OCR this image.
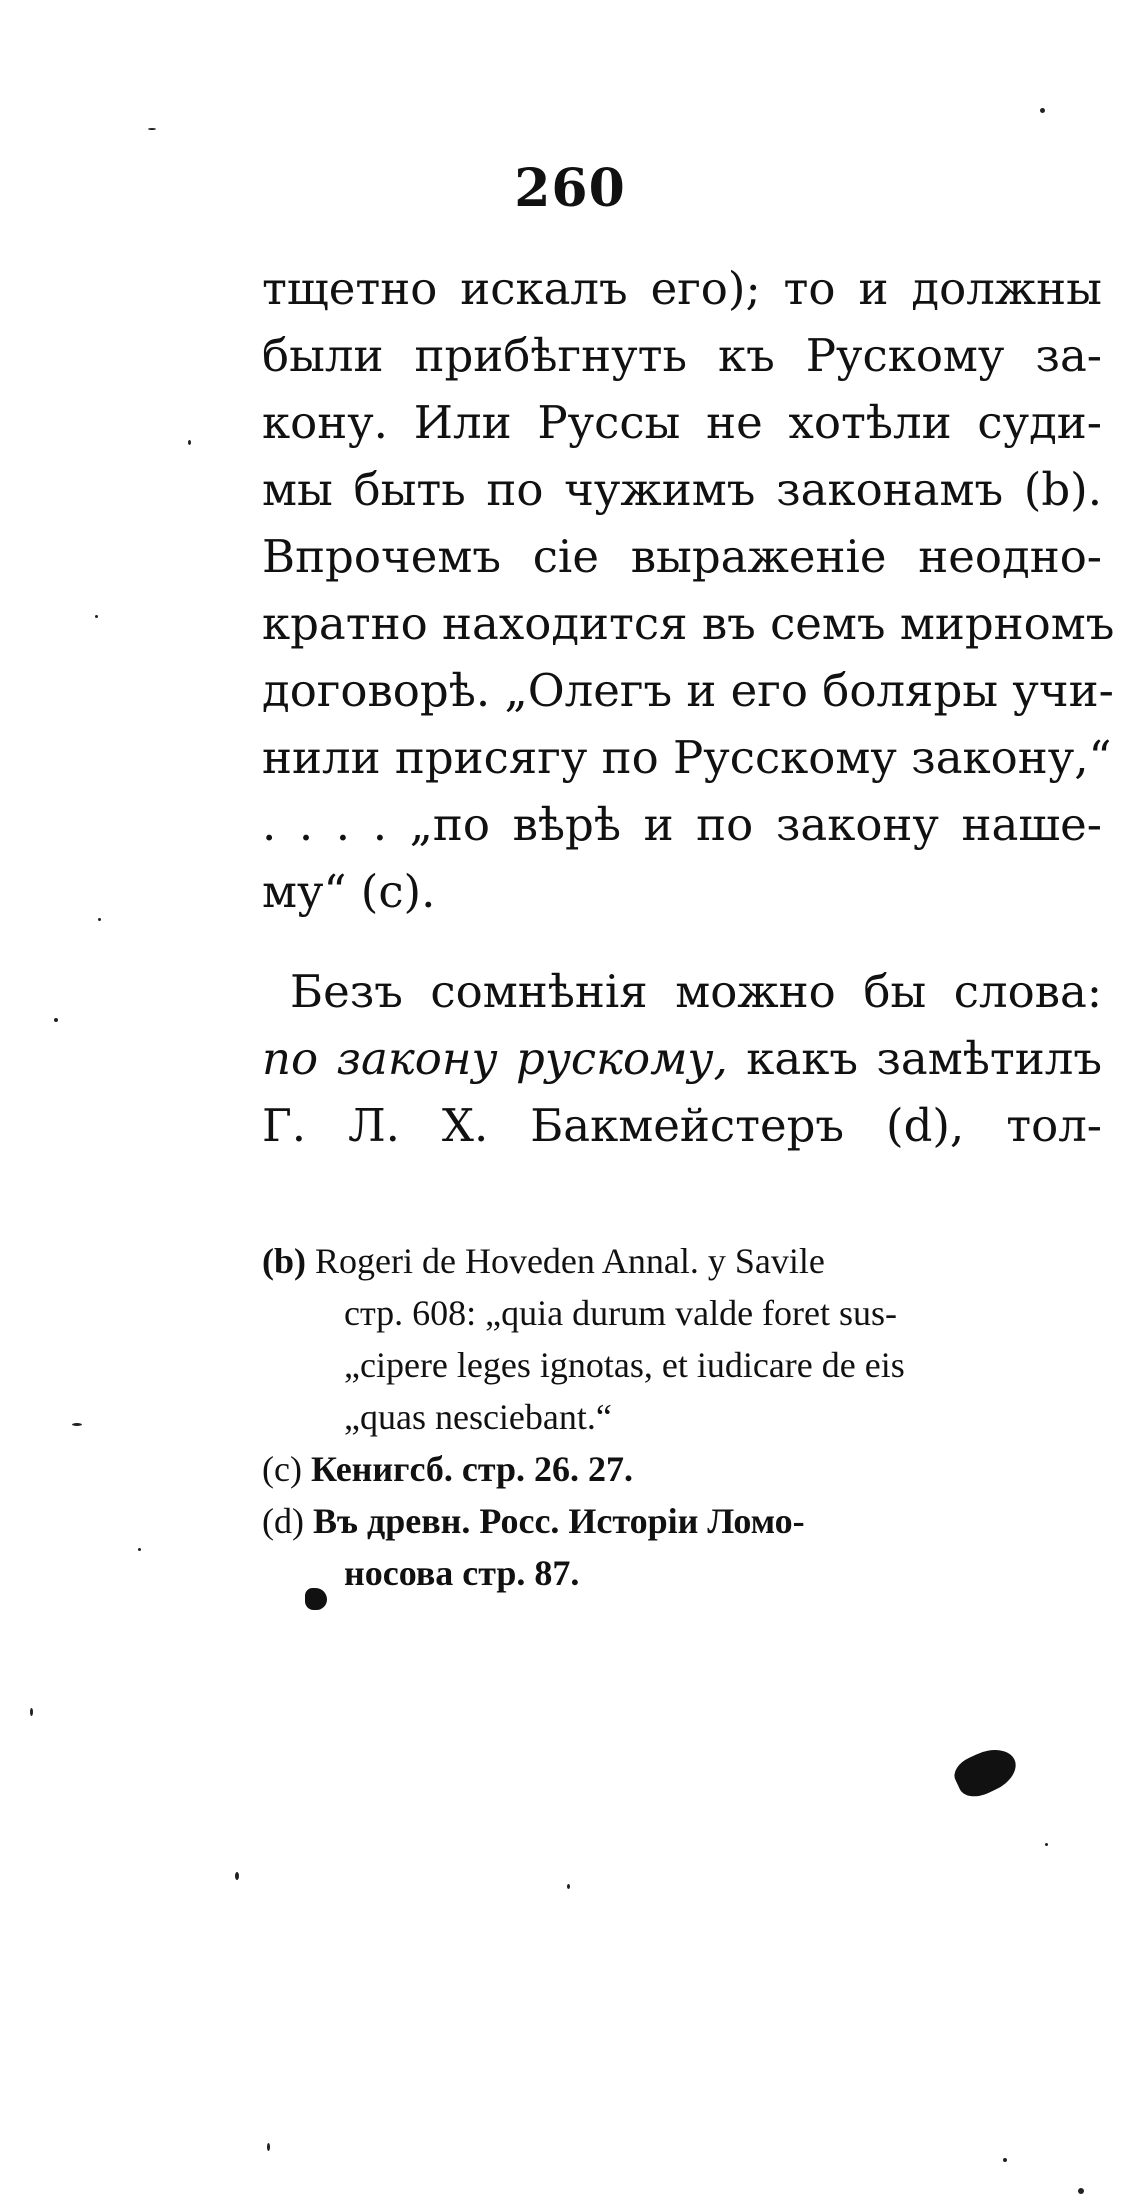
260
тщетно искалъ его); то и должны
были прибѣгнуть къ Рускому за-
кону. Или Руссы не хотѣли суди-
мы быть по чужимъ законамъ (b).
Впрочемъ сіе выраженіе неодно-
кратно находится въ семъ мирномъ
договорѣ. „Олегъ и его боляры учи-
нили присягу по Русскому закону,“
. . . . „по вѣрѣ и по закону наше-
му“ (c).
Безъ сомнѣнія можно бы слова:
по закону рускому, какъ замѣтилъ
Г. Л. Х. Бакмейстеръ (d), тол-
(b) Rogeri de Hoveden Annal. y Savile
стр. 608: „quia durum valde foret sus-
„cipere leges ignotas, et iudicare de eis
„quas nesciebant.“
(c) Кенигсб. стр. 26. 27.
(d) Въ древн. Росс. Исторіи Ломо-
носова стр. 87.
